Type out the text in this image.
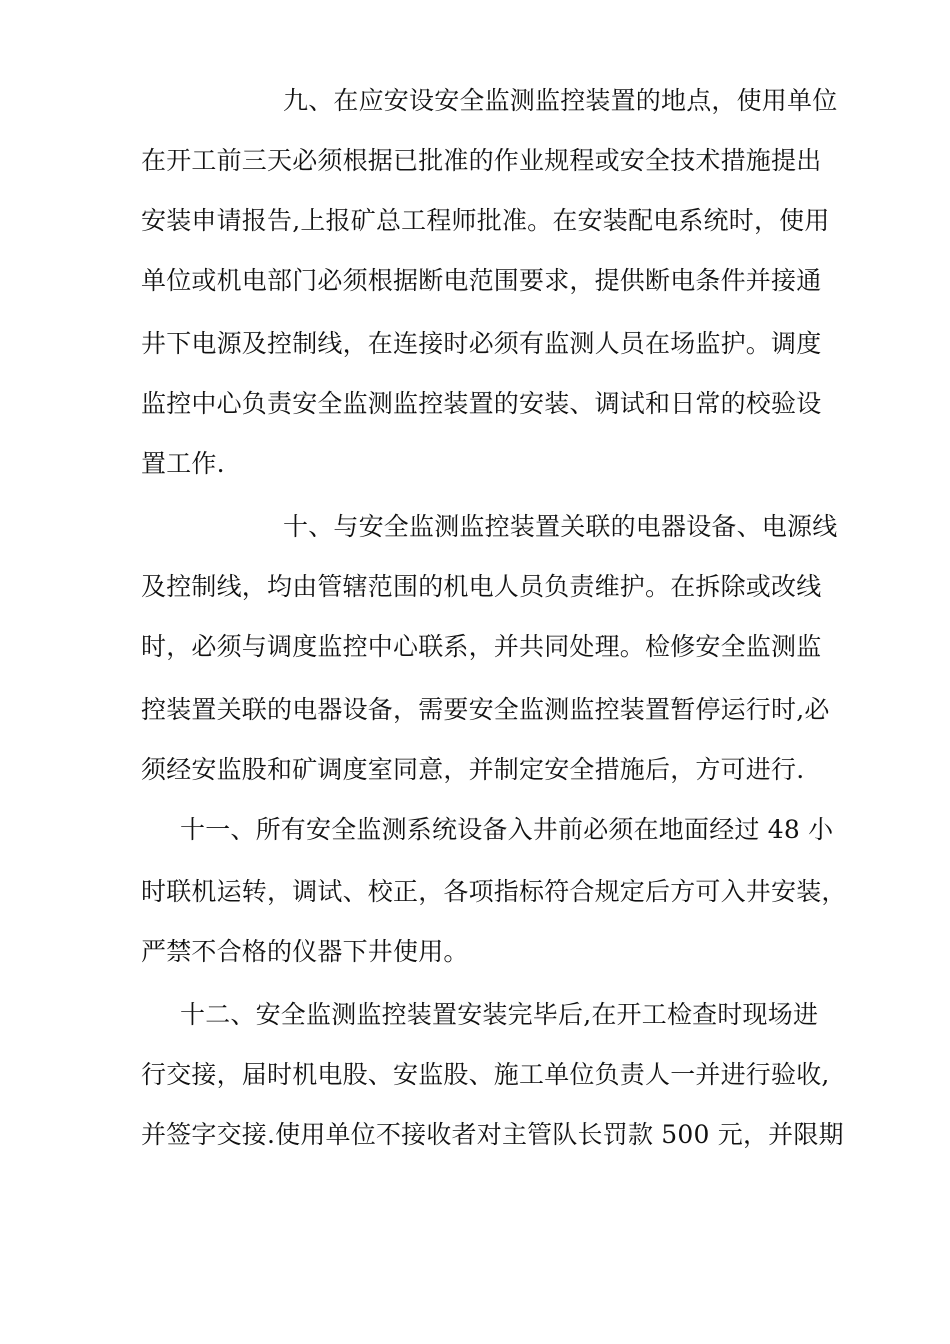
九、在应安设安全监测监控装置的地点，使用单位
在开工前三天必须根据已批准的作业规程或安全技术措施提出
安装申请报告,上报矿总工程师批准。在安装配电系统时，使用
单位或机电部门必须根据断电范围要求，提供断电条件并接通
井下电源及控制线，在连接时必须有监测人员在场监护。调度
监控中心负责安全监测监控装置的安装、调试和日常的校验设
置工作.
十、与安全监测监控装置关联的电器设备、电源线
及控制线，均由管辖范围的机电人员负责维护。在拆除或改线
时，必须与调度监控中心联系，并共同处理。检修安全监测监
控装置关联的电器设备，需要安全监测监控装置暂停运行时,必
须经安监股和矿调度室同意，并制定安全措施后，方可进行.
十一、所有安全监测系统设备入井前必须在地面经过 48 小
时联机运转，调试、校正，各项指标符合规定后方可入井安装，
严禁不合格的仪器下井使用。
十二、安全监测监控装置安装完毕后,在开工检查时现场进
行交接，届时机电股、安监股、施工单位负责人一并进行验收,
并签字交接.使用单位不接收者对主管队长罚款 500 元，并限期
